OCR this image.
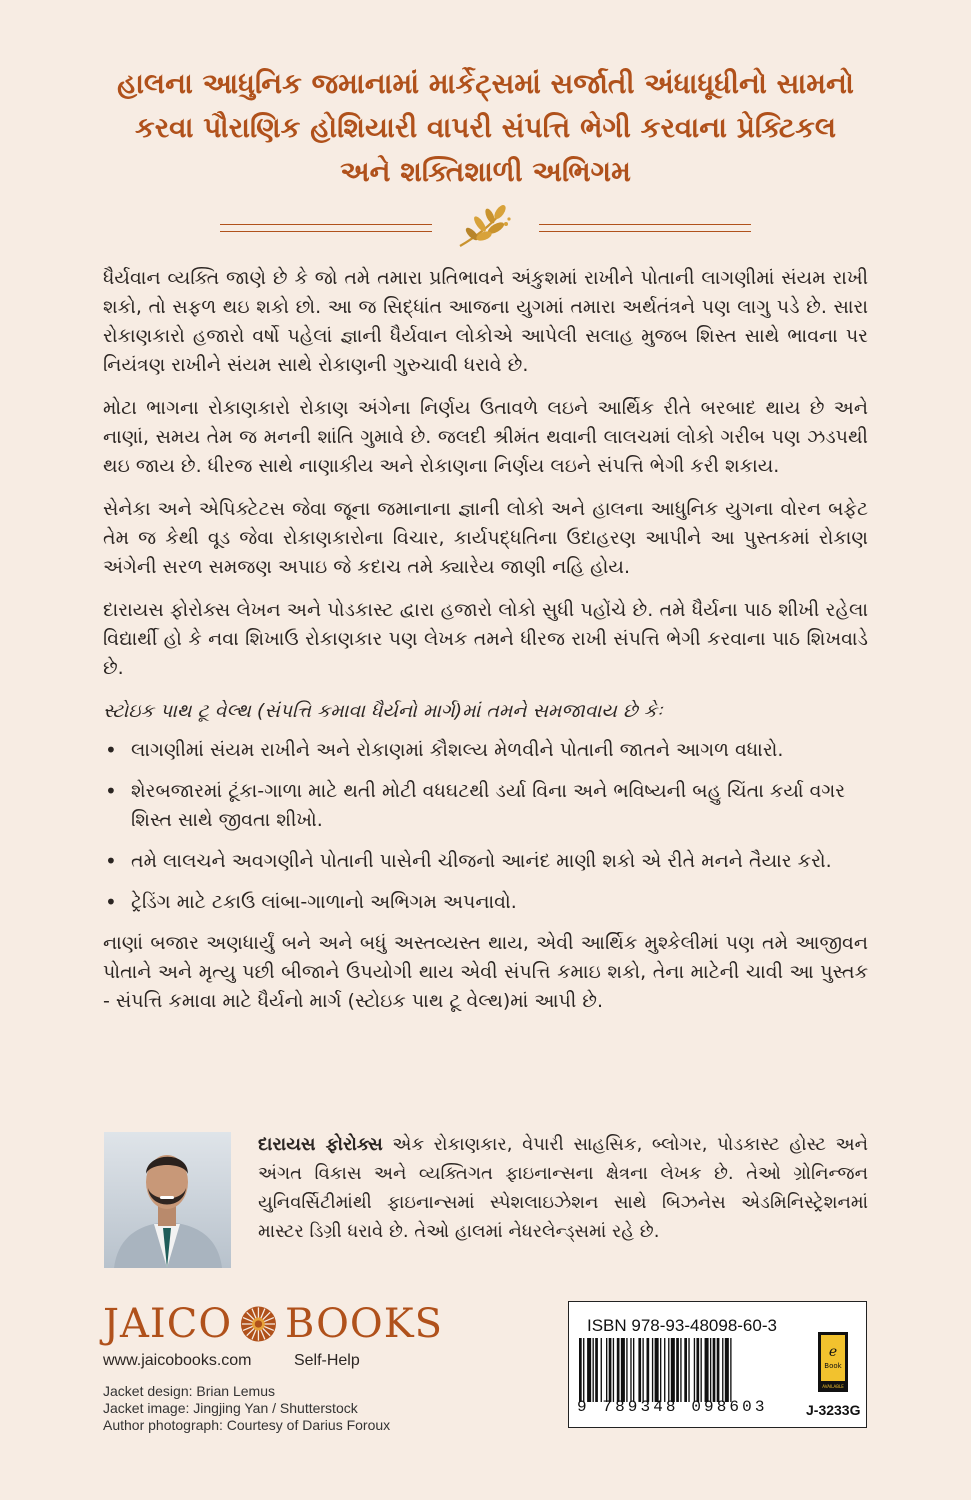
હાલના આધુનિક જમાનામાં માર્કેટ્સમાં સર્જાતી અંધાધૂધીનો સામનો
કરવા પૌરાણિક હોશિયારી વાપરી સંપત્તિ ભેગી કરવાના પ્રેક્ટિકલ
અને શક્તિશાળી અભિગમ

ધૈર્યવાન વ્યક્તિ જાણે છે કે જો તમે તમારા પ્રતિભાવને અંકુશમાં રાખીને પોતાની લાગણીમાં સંયમ રાખી શકો, તો સફળ થઇ શકો છો. આ જ સિદ્ધાંત આજના યુગમાં તમારા અર્થતંત્રને પણ લાગુ પડે છે. સારા રોકાણકારો હજારો વર્ષો પહેલાં જ્ઞાની ધૈર્યવાન લોકોએ આપેલી સલાહ મુજબ શિસ્ત સાથે ભાવના પર નિયંત્રણ રાખીને સંયમ સાથે રોકાણની ગુરુચાવી ધરાવે છે.

મોટા ભાગના રોકાણકારો રોકાણ અંગેના નિર્ણય ઉતાવળે લઇને આર્થિક રીતે બરબાદ થાય છે અને નાણાં, સમય તેમ જ મનની શાંતિ ગુમાવે છે. જલદી શ્રીમંત થવાની લાલચમાં લોકો ગરીબ પણ ઝડપથી થઇ જાય છે. ધીરજ સાથે નાણાકીય અને રોકાણના નિર્ણય લઇને સંપત્તિ ભેગી કરી શકાય.

સેનેકા અને એપિક્ટેટસ જેવા જૂના જમાનાના જ્ઞાની લોકો અને હાલના આધુનિક યુગના વોરન બફેટ તેમ જ કેથી વૂડ જેવા રોકાણકારોના વિચાર, કાર્યપદ્ધતિના ઉદાહરણ આપીને આ પુસ્તકમાં રોકાણ અંગેની સરળ સમજણ અપાઇ જે કદાચ તમે ક્યારેય જાણી નહિ હોય.

દારાયસ ફોરોક્સ લેખન અને પોડકાસ્ટ દ્વારા હજારો લોકો સુધી પહોંચે છે. તમે ધૈર્યના પાઠ શીખી રહેલા વિદ્યાર્થી હો કે નવા શિખાઉ રોકાણકાર પણ લેખક તમને ધીરજ રાખી સંપત્તિ ભેગી કરવાના પાઠ શિખવાડે છે.

સ્ટોઇક પાથ ટૂ વેલ્થ (સંપત્તિ કમાવા ધૈર્યનો માર્ગ)માં તમને સમજાવાય છે કેઃ

• લાગણીમાં સંયમ રાખીને અને રોકાણમાં કૌશલ્ય મેળવીને પોતાની જાતને આગળ વધારો.
• શેરબજારમાં ટૂંકા-ગાળા માટે થતી મોટી વધઘટથી ડર્યા વિના અને ભવિષ્યની બહુ ચિંતા કર્યા વગર શિસ્ત સાથે જીવતા શીખો.
• તમે લાલચને અવગણીને પોતાની પાસેની ચીજનો આનંદ માણી શકો એ રીતે મનને તૈયાર કરો.
• ટ્રેડિંગ માટે ટકાઉ લાંબા-ગાળાનો અભિગમ અપનાવો.

નાણાં બજાર અણધાર્યું બને અને બધું અસ્તવ્યસ્ત થાય, એવી આર્થિક મુશ્કેલીમાં પણ તમે આજીવન પોતાને અને મૃત્યુ પછી બીજાને ઉપયોગી થાય એવી સંપત્તિ કમાઇ શકો, તેના માટેની ચાવી આ પુસ્તક - સંપત્તિ કમાવા માટે ધૈર્યનો માર્ગ (સ્ટોઇક પાથ ટૂ વેલ્થ)માં આપી છે.

દારાયસ ફોરોક્સ એક રોકાણકાર, વેપારી સાહસિક, બ્લોગર, પોડકાસ્ટ હોસ્ટ અને અંગત વિકાસ અને વ્યક્તિગત ફાઇનાન્સના ક્ષેત્રના લેખક છે. તેઓ ગ્રોનિન્જન યુનિવર્સિટીમાંથી ફાઇનાન્સમાં સ્પેશલાઇઝેશન સાથે બિઝનેસ એડમિનિસ્ટ્રેશનમાં માસ્ટર ડિગ્રી ધરાવે છે. તેઓ હાલમાં નેધરલેન્ડ્સમાં રહે છે.
JAICO BOOKS
www.jaicobooks.com	Self-Help
Jacket design: Brian Lemus
Jacket image: Jingjing Yan / Shutterstock
Author photograph: Courtesy of Darius Foroux
ISBN 978-93-48098-60-3
9 789348 098603
e
Book
AVAILABLE
J-3233G
